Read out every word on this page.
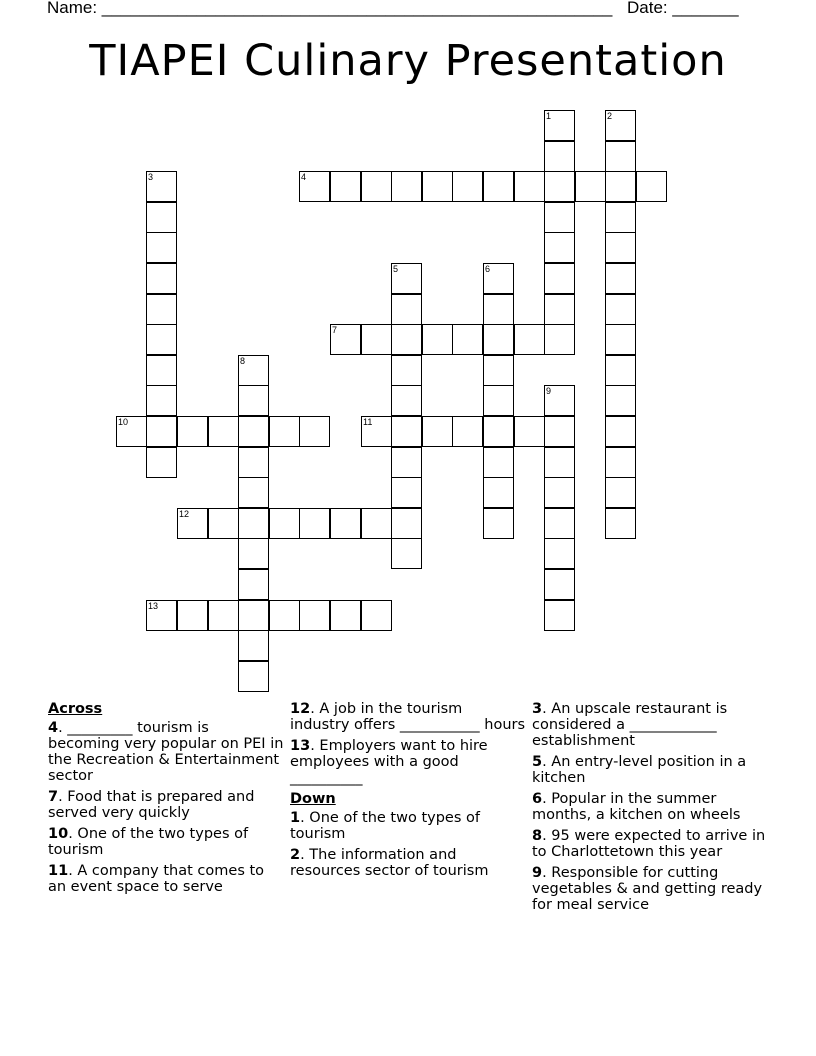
Name: ______________________________________________________ Date: _______
TIAPEI Culinary Presentation
4
7
10	11
12
13
1	2
3
5	6
8
9
Across
4. _________ tourism is becoming very popular on PEI in the Recreation & Entertainment sector
7. Food that is prepared and served very quickly
10. One of the two types of tourism
11. A company that comes to an event space to serve
12. A job in the tourism industry offers ___________ hours
13. Employers want to hire employees with a good __________
Down
1. One of the two types of tourism
2. The information and resources sector of tourism
3. An upscale restaurant is considered a ____________ establishment
5. An entry-level position in a kitchen
6. Popular in the summer months, a kitchen on wheels
8. 95 were expected to arrive in to Charlottetown this year
9. Responsible for cutting vegetables & and getting ready for meal service
